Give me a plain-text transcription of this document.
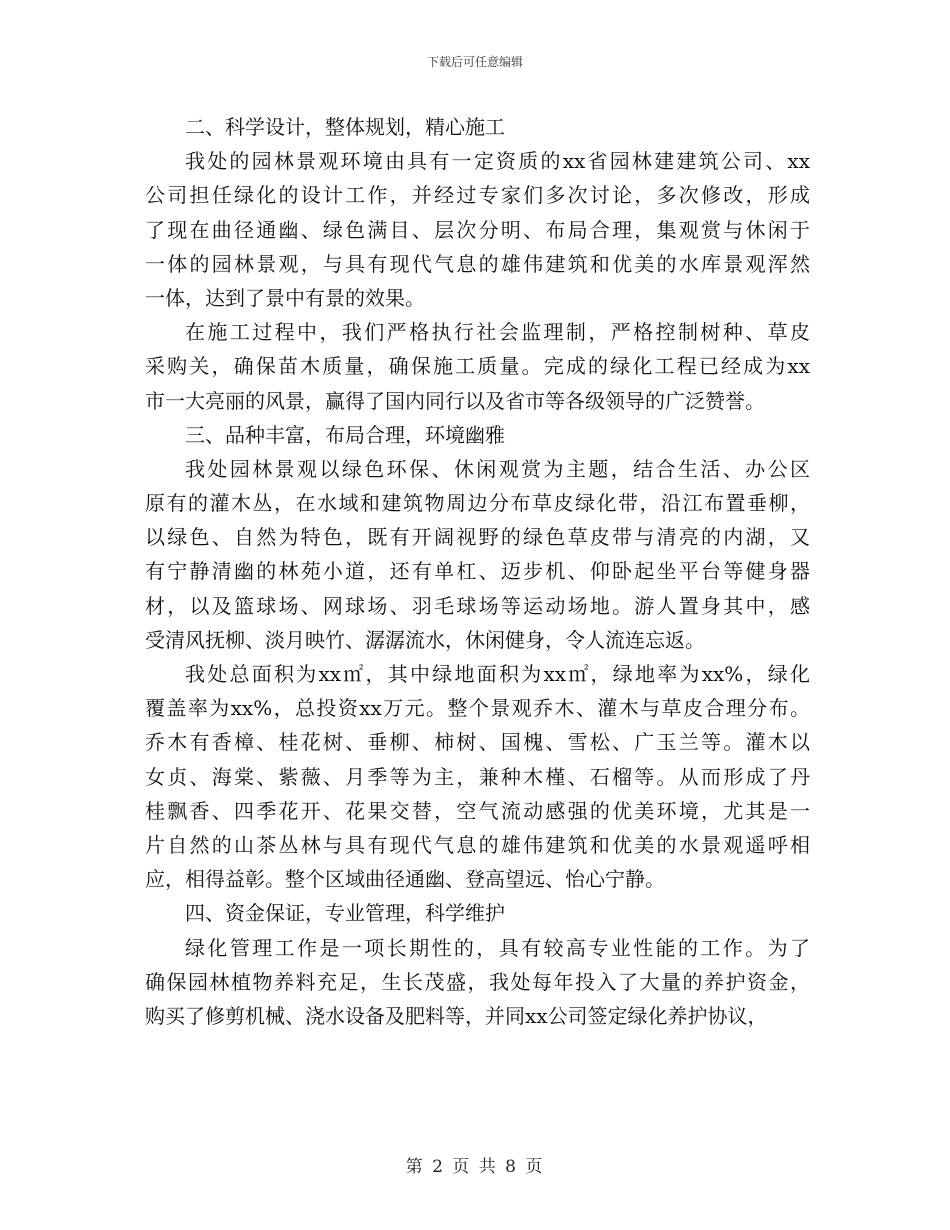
下载后可任意编辑
二、科学设计，整体规划，精心施工
我处的园林景观环境由具有一定资质的xx省园林建建筑公司、xx
公司担任绿化的设计工作，并经过专家们多次讨论，多次修改，形成
了现在曲径通幽、绿色满目、层次分明、布局合理，集观赏与休闲于
一体的园林景观，与具有现代气息的雄伟建筑和优美的水库景观浑然
一体，达到了景中有景的效果。
在施工过程中，我们严格执行社会监理制，严格控制树种、草皮
采购关，确保苗木质量，确保施工质量。完成的绿化工程已经成为xx
市一大亮丽的风景，赢得了国内同行以及省市等各级领导的广泛赞誉。
三、品种丰富，布局合理，环境幽雅
我处园林景观以绿色环保、休闲观赏为主题，结合生活、办公区
原有的灌木丛，在水域和建筑物周边分布草皮绿化带，沿江布置垂柳，
以绿色、自然为特色，既有开阔视野的绿色草皮带与清亮的内湖，又
有宁静清幽的林苑小道，还有单杠、迈步机、仰卧起坐平台等健身器
材，以及篮球场、网球场、羽毛球场等运动场地。游人置身其中，感
受清风抚柳、淡月映竹、潺潺流水，休闲健身，令人流连忘返。
我处总面积为xx㎡，其中绿地面积为xx㎡，绿地率为xx%，绿化
覆盖率为xx%，总投资xx万元。整个景观乔木、灌木与草皮合理分布。
乔木有香樟、桂花树、垂柳、柿树、国槐、雪松、广玉兰等。灌木以
女贞、海棠、紫薇、月季等为主，兼种木槿、石榴等。从而形成了丹
桂飘香、四季花开、花果交替，空气流动感强的优美环境，尤其是一
片自然的山茶丛林与具有现代气息的雄伟建筑和优美的水景观遥呼相
应，相得益彰。整个区域曲径通幽、登高望远、怡心宁静。
四、资金保证，专业管理，科学维护
绿化管理工作是一项长期性的，具有较高专业性能的工作。为了
确保园林植物养料充足，生长茂盛，我处每年投入了大量的养护资金，
购买了修剪机械、浇水设备及肥料等，并同xx公司签定绿化养护协议，
第 2 页 共 8 页
